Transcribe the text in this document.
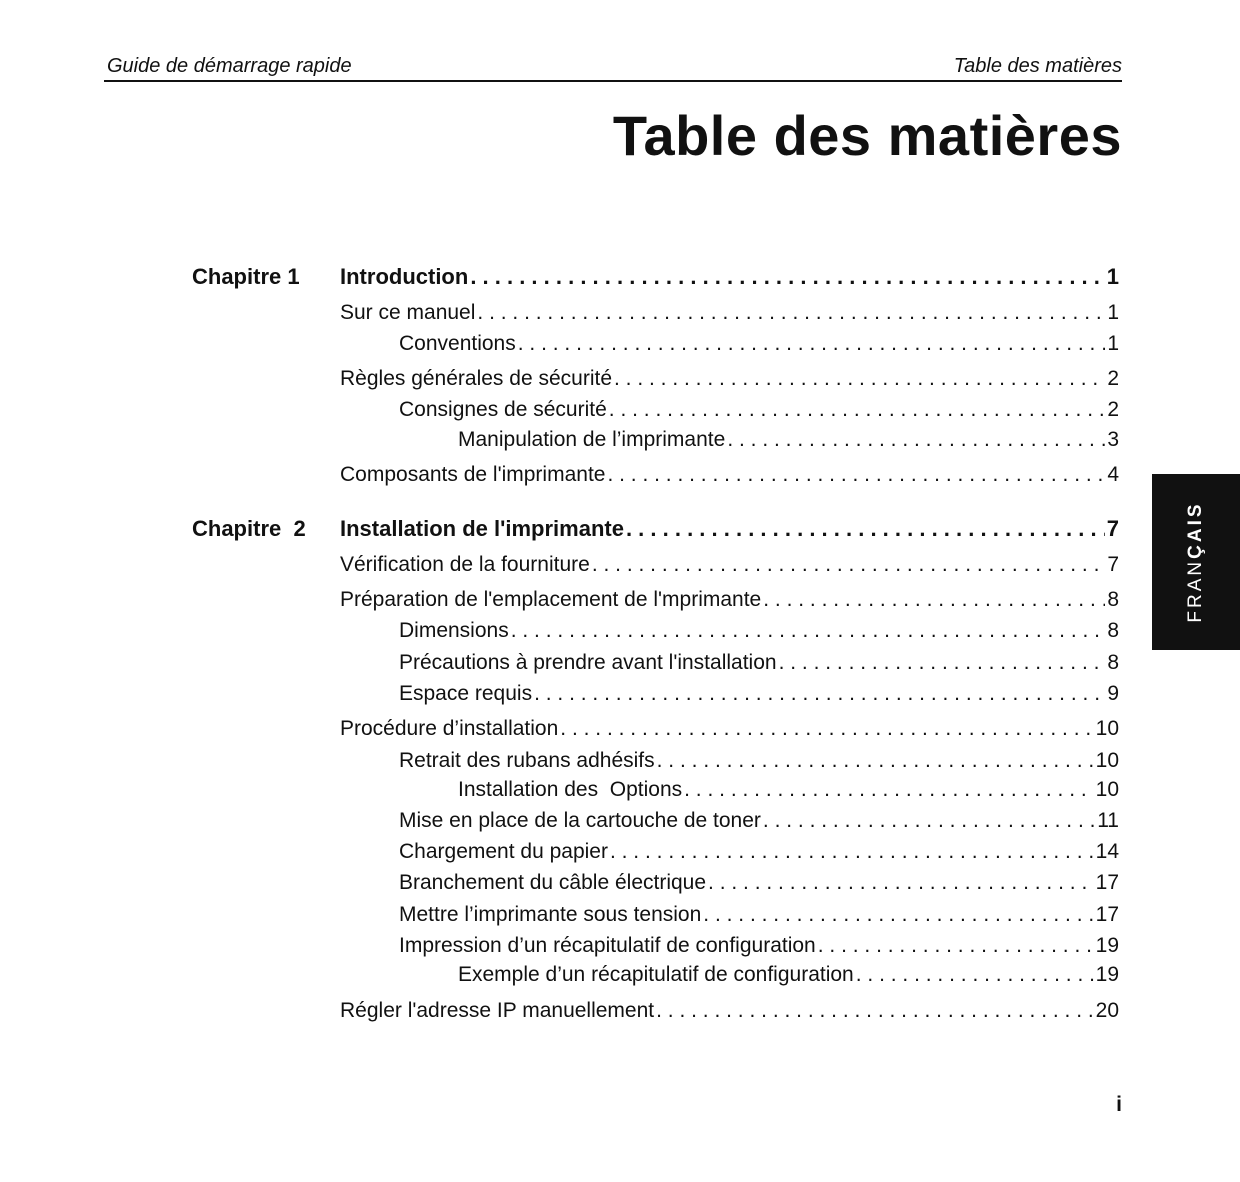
Guide de démarrage rapide	Table des matières
Table des matières
Chapitre 1 Introduction . . .	1
Sur ce manuel . . .	1
Conventions . . .	1
Règles générales de sécurité . . .	2
Consignes de sécurité . . .	2
Manipulation de l’imprimante . . .	3
Composants de l'imprimante . . .	4
Chapitre  2 Installation de l'imprimante . . .	7
Vérification de la fourniture . . .	7
Préparation de l'emplacement de l'mprimante . . .	8
Dimensions . . .	8
Précautions à prendre avant l'installation . . .	8
Espace requis . . .	9
Procédure d’installation . . .	10
Retrait des rubans adhésifs . . .	10
Installation des  Options . . .	10
Mise en place de la cartouche de toner . . .	11
Chargement du papier . . .	14
Branchement du câble électrique . . .	17
Mettre l’imprimante sous tension . . .	17
Impression d’un récapitulatif de configuration . . .	19
Exemple d’un récapitulatif de configuration . . .	19
Régler l'adresse IP manuellement . . .	20
FRANÇAIS
i
